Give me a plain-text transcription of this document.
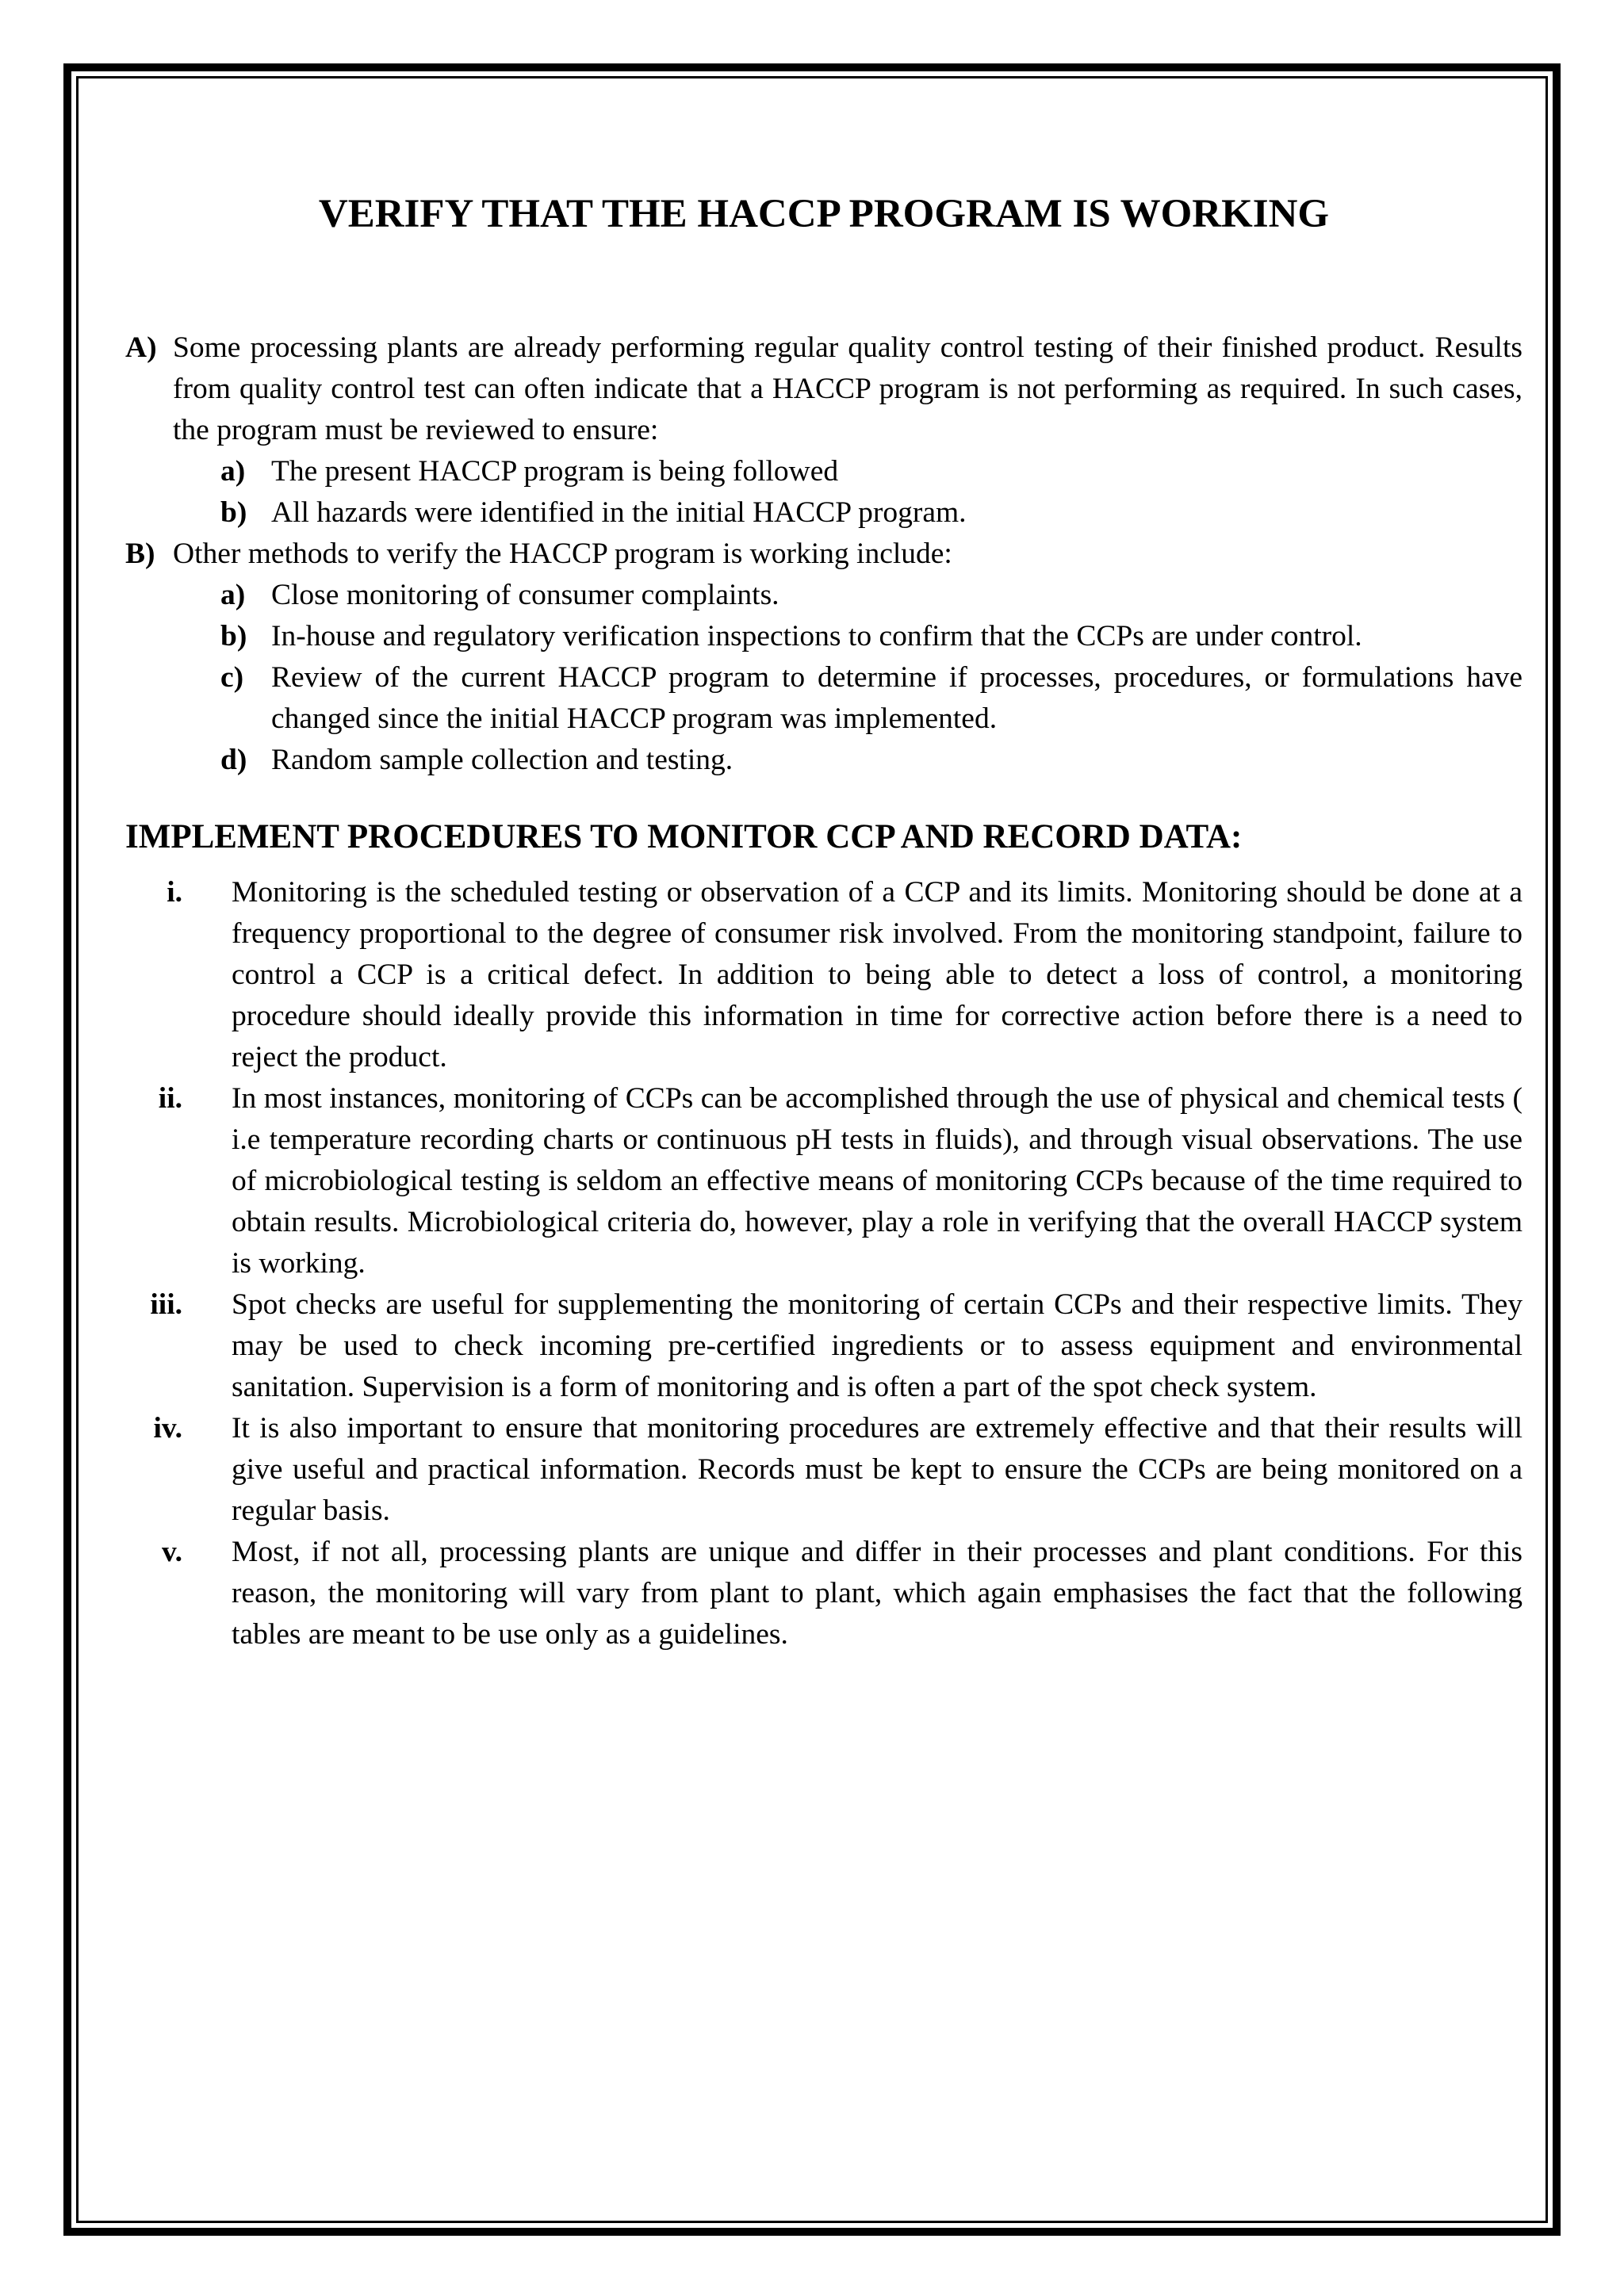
VERIFY THAT THE HACCP PROGRAM IS WORKING
A) Some processing plants are already performing regular quality control testing of their finished product. Results from quality control test can often indicate that a HACCP program is not performing as required. In such cases, the program must be reviewed to ensure:
a) The present HACCP program is being followed
b) All hazards were identified in the initial HACCP program.
B) Other methods to verify the HACCP program is working include:
a) Close monitoring of consumer complaints.
b) In-house and regulatory verification inspections to confirm that the CCPs are under control.
c) Review of the current HACCP program to determine if processes, procedures, or formulations have changed since the initial HACCP program was implemented.
d) Random sample collection and testing.
IMPLEMENT PROCEDURES TO MONITOR CCP AND RECORD DATA:
i. Monitoring is the scheduled testing or observation of a CCP and its limits. Monitoring should be done at a frequency proportional to the degree of consumer risk involved. From the monitoring standpoint, failure to control a CCP is a critical defect. In addition to being able to detect a loss of control, a monitoring procedure should ideally provide this information in time for corrective action before there is a need to reject the product.
ii. In most instances, monitoring of CCPs can be accomplished through the use of physical and chemical tests ( i.e temperature recording charts or continuous pH tests in fluids), and through visual observations. The use of microbiological testing is seldom an effective means of monitoring CCPs because of the time required to obtain results. Microbiological criteria do, however, play a role in verifying that the overall HACCP system is working.
iii. Spot checks are useful for supplementing the monitoring of certain CCPs and their respective limits. They may be used to check incoming pre-certified ingredients or to assess equipment and environmental sanitation. Supervision is a form of monitoring and is often a part of the spot check system.
iv. It is also important to ensure that monitoring procedures are extremely effective and that their results will give useful and practical information. Records must be kept to ensure the CCPs are being monitored on a regular basis.
v. Most, if not all, processing plants are unique and differ in their processes and plant conditions. For this reason, the monitoring will vary from plant to plant, which again emphasises the fact that the following tables are meant to be use only as a guidelines.
